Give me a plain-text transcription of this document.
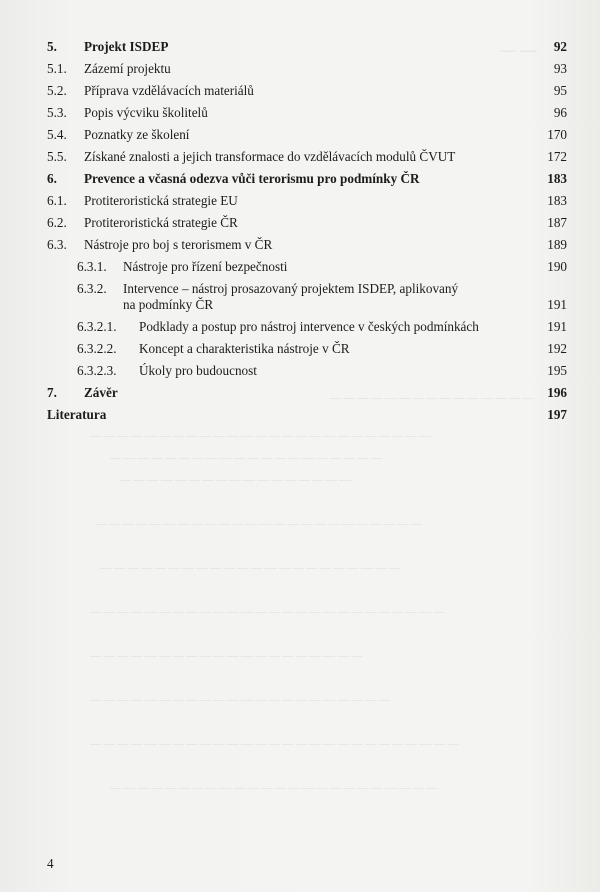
— —
— — — — — — — — — — — — — — —
— — — — — — — — — — — — — — — — — — — — — — — — —
— — — — — — — — — — — — — — — — — — — —
— — — — — — — — — — — — — — — — —
— — — — — — — — — — — — — — — — — — — — — — — —
— — — — — — — — — — — — — — — — — — — — — —
— — — — — — — — — — — — — — — — — — — — — — — — — —
— — — — — — — — — — — — — — — — — — — —
— — — — — — — — — — — — — — — — — — — — — —
— — — — — — — — — — — — — — — — — — — — — — — — — — —
— — — — — — — — — — — — — — — — — — — — — — — —
5. Projekt ISDEP	92
5.1. Zázemí projektu	93
5.2. Příprava vzdělávacích materiálů	95
5.3. Popis výcviku školitelů	96
5.4. Poznatky ze školení	170
5.5. Získané znalosti a jejich transformace do vzdělávacích modulů ČVUT	172
6. Prevence a včasná odezva vůči terorismu pro podmínky ČR	183
6.1. Protiteroristická strategie EU	183
6.2. Protiteroristická strategie ČR	187
6.3. Nástroje pro boj s terorismem v ČR	189
6.3.1. Nástroje pro řízení bezpečnosti	190
6.3.2. Intervence – nástroj prosazovaný projektem ISDEP, aplikovaný
na podmínky ČR	191
6.3.2.1. Podklady a postup pro nástroj intervence v českých podmínkách	191
6.3.2.2. Koncept a charakteristika nástroje v ČR	192
6.3.2.3. Úkoly pro budoucnost	195
7. Závěr	196
Literatura	197
4
